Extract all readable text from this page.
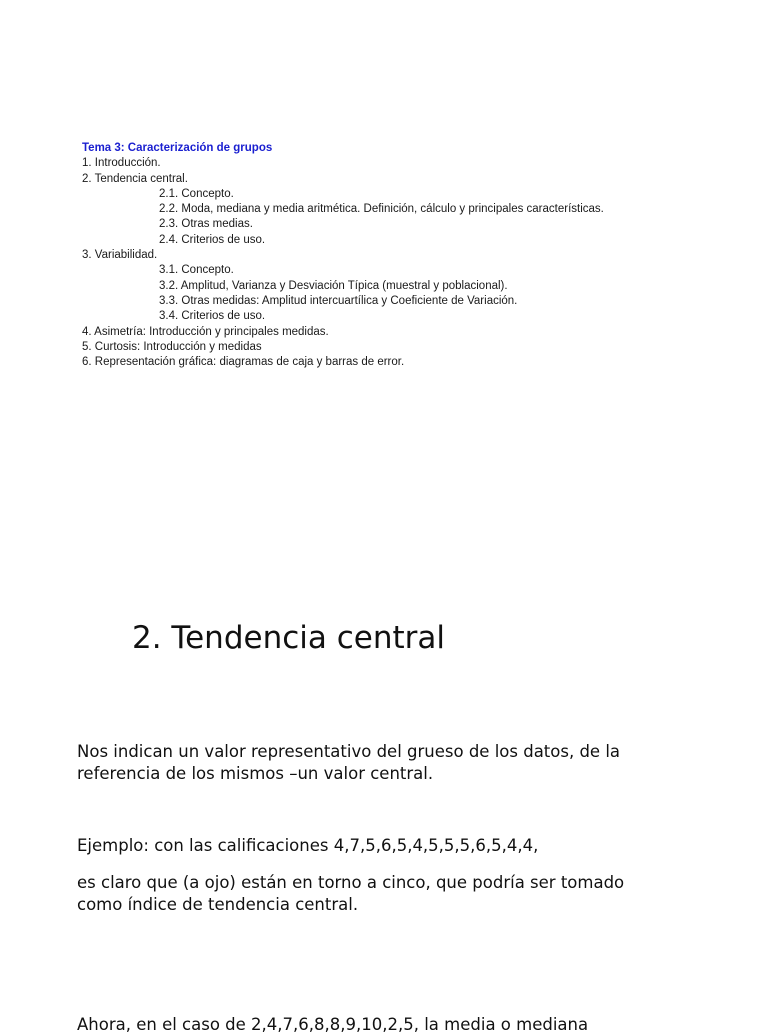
Tema 3: Caracterización de grupos
1. Introducción.
2. Tendencia central.
2.1. Concepto.
2.2. Moda, mediana y media aritmética. Definición, cálculo y principales características.
2.3. Otras medias.
2.4. Criterios de uso.
3. Variabilidad.
3.1. Concepto.
3.2. Amplitud, Varianza y Desviación Típica (muestral y poblacional).
3.3. Otras medidas: Amplitud intercuartílica y Coeficiente de Variación.
3.4. Criterios de uso.
4. Asimetría: Introducción y principales medidas.
5. Curtosis: Introducción y medidas
6. Representación gráfica: diagramas de caja y barras de error.
2. Tendencia central

Nos indican un valor representativo del grueso de los datos, de la referencia de los mismos –un valor central.

Ejemplo: con las calificaciones 4,7,5,6,5,4,5,5,5,6,5,4,4,

es claro que (a ojo) están en torno a cinco, que podría ser tomado como índice de tendencia central.

Ahora, en el caso de 2,4,7,6,8,8,9,10,2,5, la media o mediana
